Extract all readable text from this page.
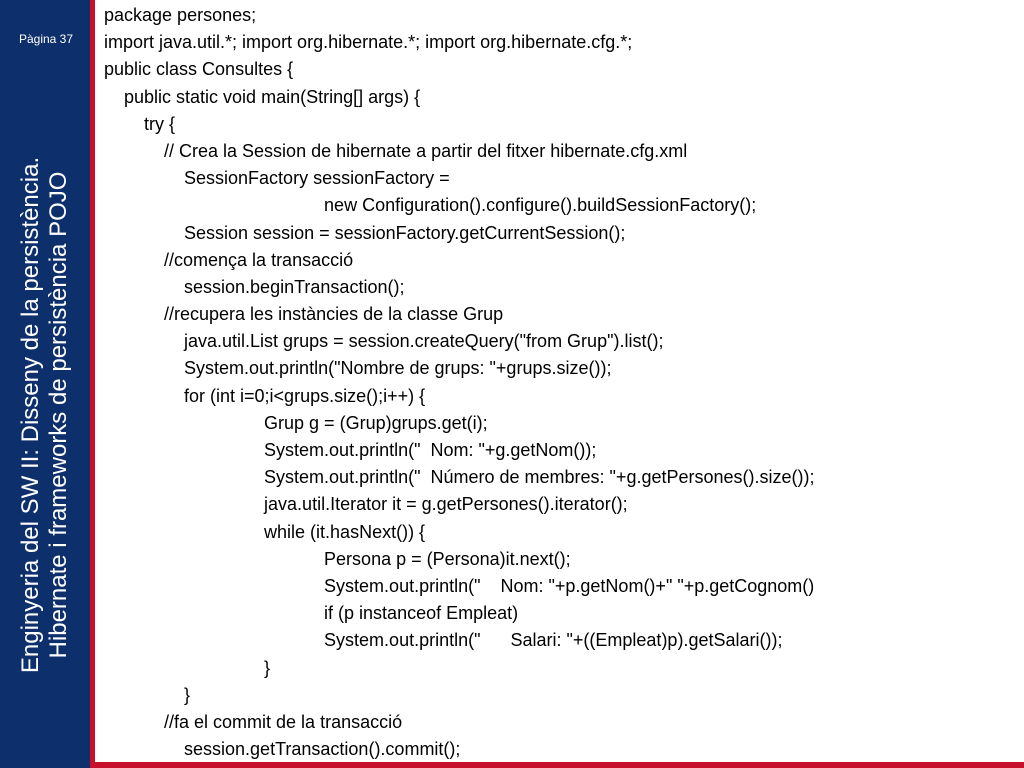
Pàgina 37
Enginyeria del SW II: Disseny de la persistència. Hibernate i frameworks de persistència POJO
package persones;
import java.util.*; import org.hibernate.*; import org.hibernate.cfg.*;
public class Consultes {
public static void main(String[] args) {
try {
// Crea la Session de hibernate a partir del fitxer hibernate.cfg.xml
SessionFactory sessionFactory =
new Configuration().configure().buildSessionFactory();
Session session = sessionFactory.getCurrentSession();
//comença la transacció
session.beginTransaction();
//recupera les instàncies de la classe Grup
java.util.List grups = session.createQuery("from Grup").list();
System.out.println("Nombre de grups: "+grups.size());
for (int i=0;i<grups.size();i++) {
Grup g = (Grup)grups.get(i);
System.out.println("  Nom: "+g.getNom());
System.out.println("  Número de membres: "+g.getPersones().size());
java.util.Iterator it = g.getPersones().iterator();
while (it.hasNext()) {
Persona p = (Persona)it.next();
System.out.println("    Nom: "+p.getNom()+" "+p.getCognom()
if (p instanceof Empleat)
System.out.println("      Salari: "+((Empleat)p).getSalari());
}
}
//fa el commit de la transacció
session.getTransaction().commit();
